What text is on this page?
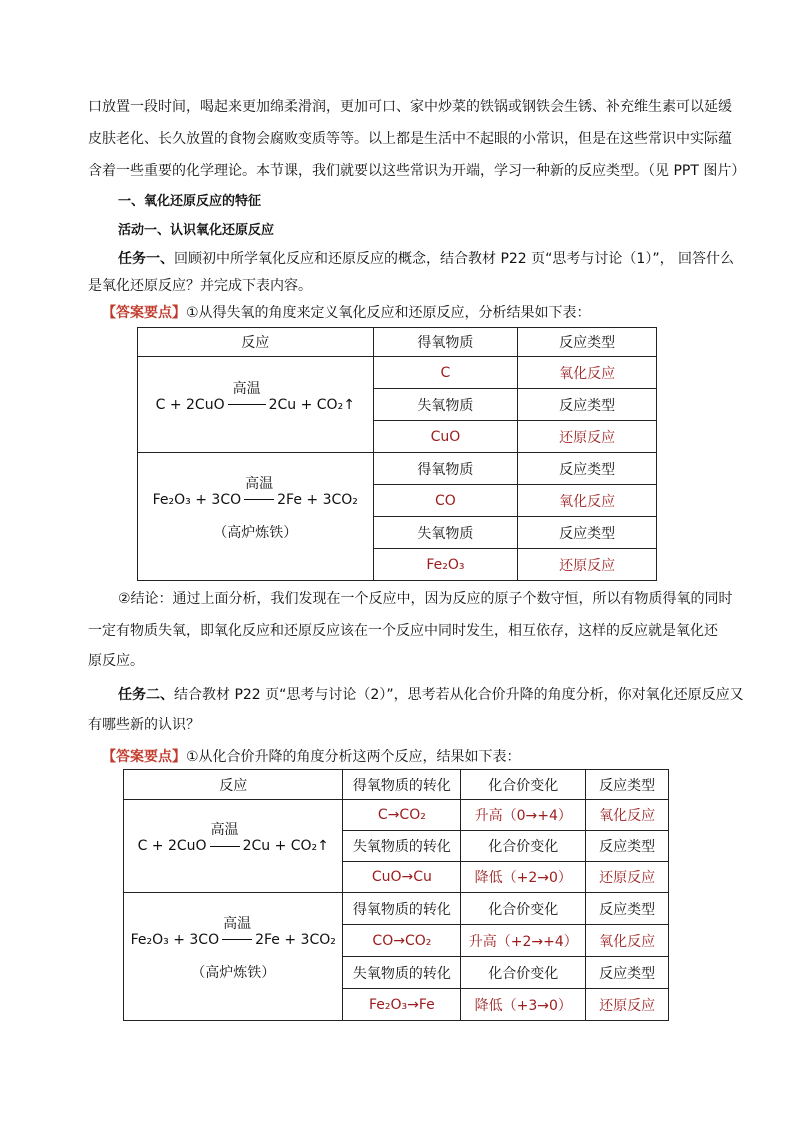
口放置一段时间，喝起来更加绵柔滑润，更加可口、家中炒菜的铁锅或钢铁会生锈、补充维生素可以延缓
皮肤老化、长久放置的食物会腐败变质等等。以上都是生活中不起眼的小常识，但是在这些常识中实际蕴
含着一些重要的化学理论。本节课，我们就要以这些常识为开端，学习一种新的反应类型。（见 PPT 图片）
一、氧化还原反应的特征
活动一、认识氧化还原反应
任务一、回顾初中所学氧化反应和还原反应的概念，结合教材 P22 页“思考与讨论（1）”， 回答什么
是氧化还原反应？并完成下表内容。
【答案要点】①从得失氧的角度来定义氧化反应和还原反应，分析结果如下表：
反应	得氧物质	反应类型
C + 2CuO
高温
2Cu + CO₂↑	C	氧化反应
	失氧物质	反应类型
	CuO	还原反应

Fe₂O₃ + 3CO
高温
2Fe + 3CO₂
（高炉炼铁）	得氧物质	反应类型
	CO	氧化反应
	失氧物质	反应类型
	Fe₂O₃	还原反应
②结论：通过上面分析，我们发现在一个反应中，因为反应的原子个数守恒，所以有物质得氧的同时
一定有物质失氧，即氧化反应和还原反应该在一个反应中同时发生，相互依存，这样的反应就是氧化还
原反应。
任务二、结合教材 P22 页“思考与讨论（2）”，思考若从化合价升降的角度分析，你对氧化还原反应又
有哪些新的认识？
【答案要点】①从化合价升降的角度分析这两个反应，结果如下表：
反应	得氧物质的转化	化合价变化	反应类型
C + 2CuO
高温
2Cu + CO₂↑	C→CO₂	升高（0→+4）	氧化反应
	失氧物质的转化	化合价变化	反应类型
	CuO→Cu	降低（+2→0）	还原反应

Fe₂O₃ + 3CO
高温
2Fe + 3CO₂
（高炉炼铁）	得氧物质的转化	化合价变化	反应类型
	CO→CO₂	升高（+2→+4）	氧化反应
	失氧物质的转化	化合价变化	反应类型
	Fe₂O₃→Fe	降低（+3→0）	还原反应
